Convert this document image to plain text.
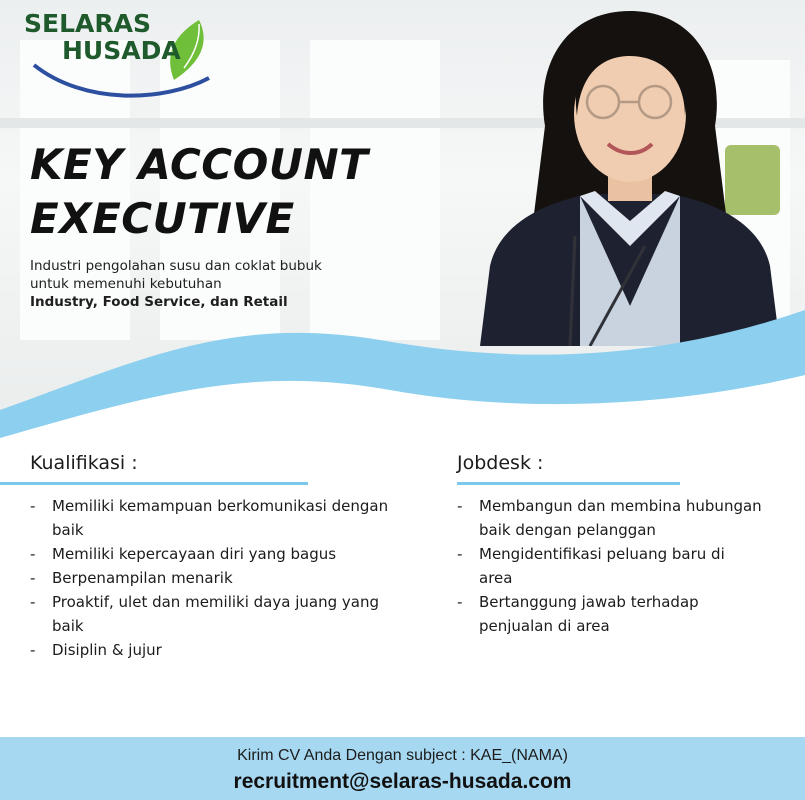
SELARAS
HUSADA
KEY ACCOUNT
EXECUTIVE
Industri pengolahan susu dan coklat bubuk
untuk memenuhi kebutuhan
Industry, Food Service, dan Retail
Kualifikasi :
- Memiliki kemampuan berkomunikasi dengan baik
- Memiliki kepercayaan diri yang bagus
- Berpenampilan menarik
- Proaktif, ulet dan memiliki daya juang yang baik
- Disiplin & jujur
Jobdesk :
- Membangun dan membina hubungan baik dengan pelanggan
- Mengidentifikasi peluang baru di area
- Bertanggung jawab terhadap penjualan di area
Kirim CV Anda Dengan subject : KAE_(NAMA)
recruitment@selaras-husada.com
